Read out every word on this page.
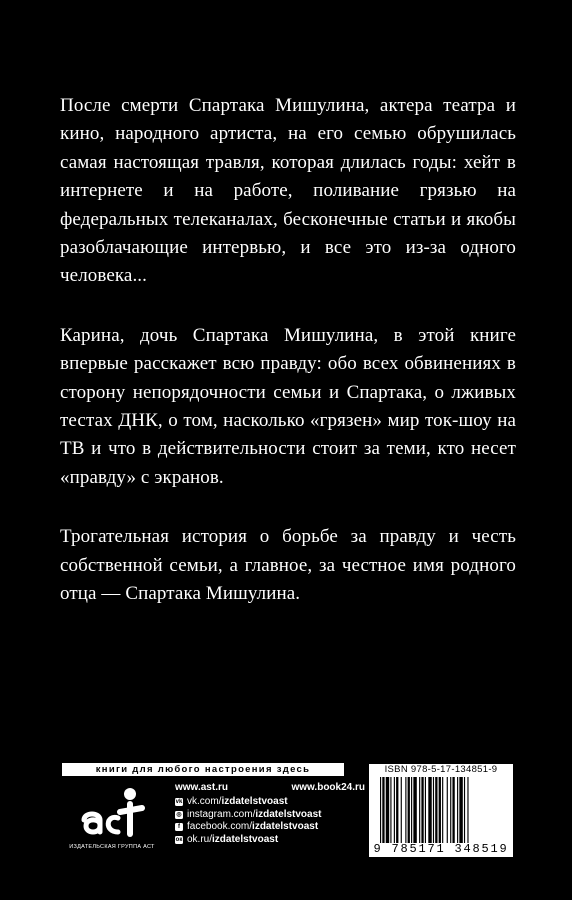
После смерти Спартака Мишулина, актера театра и кино, народного артиста, на его семью обрушилась самая настоящая травля, которая длилась годы: хейт в интернете и на работе, поливание грязью на федеральных телеканалах, бесконечные статьи и якобы разоблачающие интервью, и все это из-за одного человека...

Карина, дочь Спартака Мишулина, в этой книге впервые расскажет всю правду: обо всех обвинениях в сторону непорядочности семьи и Спартака, о лживых тестах ДНК, о том, насколько «грязен» мир ток-шоу на ТВ и что в действительности стоит за теми, кто несет «правду» с экранов.

Трогательная история о борьбе за правду и честь собственной семьи, а главное, за честное имя родного отца — Спартака Мишулина.

книги для любого настроения здесь
ИЗДАТЕЛЬСКАЯ ГРУППА АСТ
www.ast.ru	www.book24.ru
vk vk.com/ izdatelstvoast
◎ instagram.com/ izdatelstvoast
f facebook.com/ izdatelstvoast
ок ok.ru/ izdatelstvoast
ISBN 978-5-17-134851-9
9 785171 348519
